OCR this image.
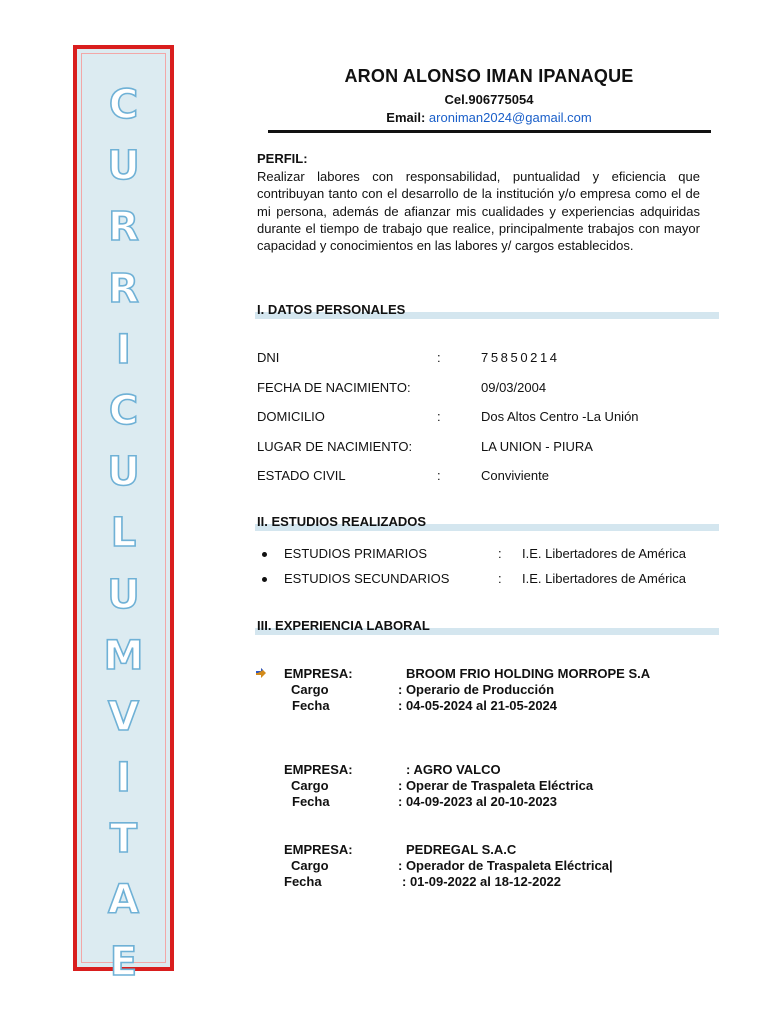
C
U
R
R
I
C
U
L
U
M
V
I
T
A
E
ARON ALONSO IMAN IPANAQUE
Cel.906775054
Email: aroniman2024@gamail.com
PERFIL:
Realizar labores con responsabilidad, puntualidad y eficiencia que contribuyan tanto con el desarrollo de la institución y/o empresa como el de mi persona, además de afianzar mis cualidades y experiencias adquiridas durante el tiempo de trabajo que realice, principalmente trabajos con mayor capacidad y conocimientos en las labores y/ cargos establecidos.
I. DATOS PERSONALES
DNI	:	75850214
FECHA DE NACIMIENTO:	09/03/2004
DOMICILIO	:	Dos Altos Centro -La Unión
LUGAR DE NACIMIENTO:	LA UNION - PIURA
ESTADO CIVIL	:	Conviviente
II. ESTUDIOS REALIZADOS
ESTUDIOS PRIMARIOS	: I.E. Libertadores de América
ESTUDIOS SECUNDARIOS	: I.E. Libertadores de América
III. EXPERIENCIA LABORAL
EMPRESA:	BROOM FRIO HOLDING MORROPE S.A
Cargo	: Operario de Producción
Fecha	: 04-05-2024 al 21-05-2024
EMPRESA:	: AGRO VALCO
Cargo	: Operar de Traspaleta Eléctrica
Fecha	: 04-09-2023 al 20-10-2023
EMPRESA:	PEDREGAL S.A.C
Cargo	: Operador de Traspaleta Eléctrica|
Fecha	: 01-09-2022 al 18-12-2022
